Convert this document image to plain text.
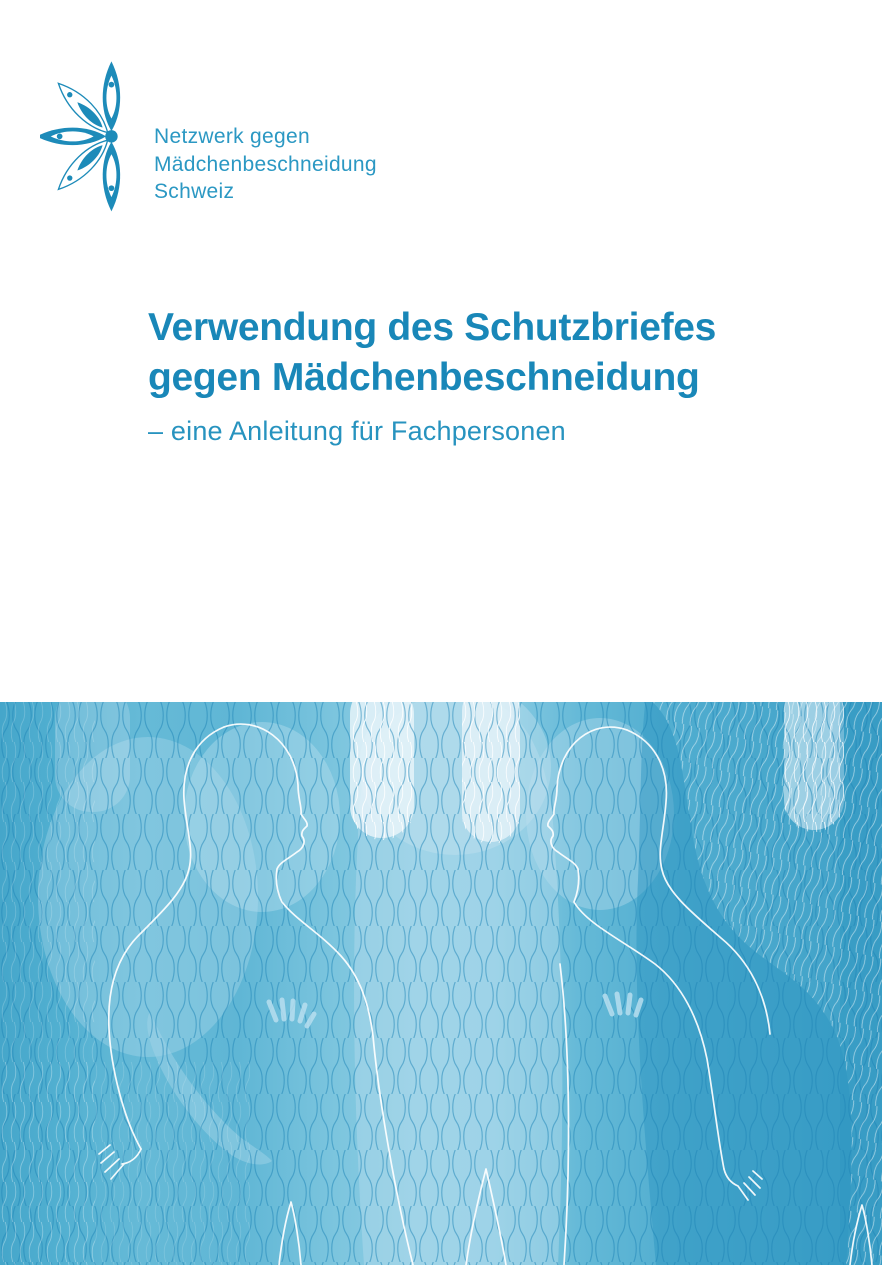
Netzwerk gegen
Mädchenbeschneidung
Schweiz
Verwendung des Schutzbriefes
gegen Mädchenbeschneidung
– eine Anleitung für Fachpersonen
